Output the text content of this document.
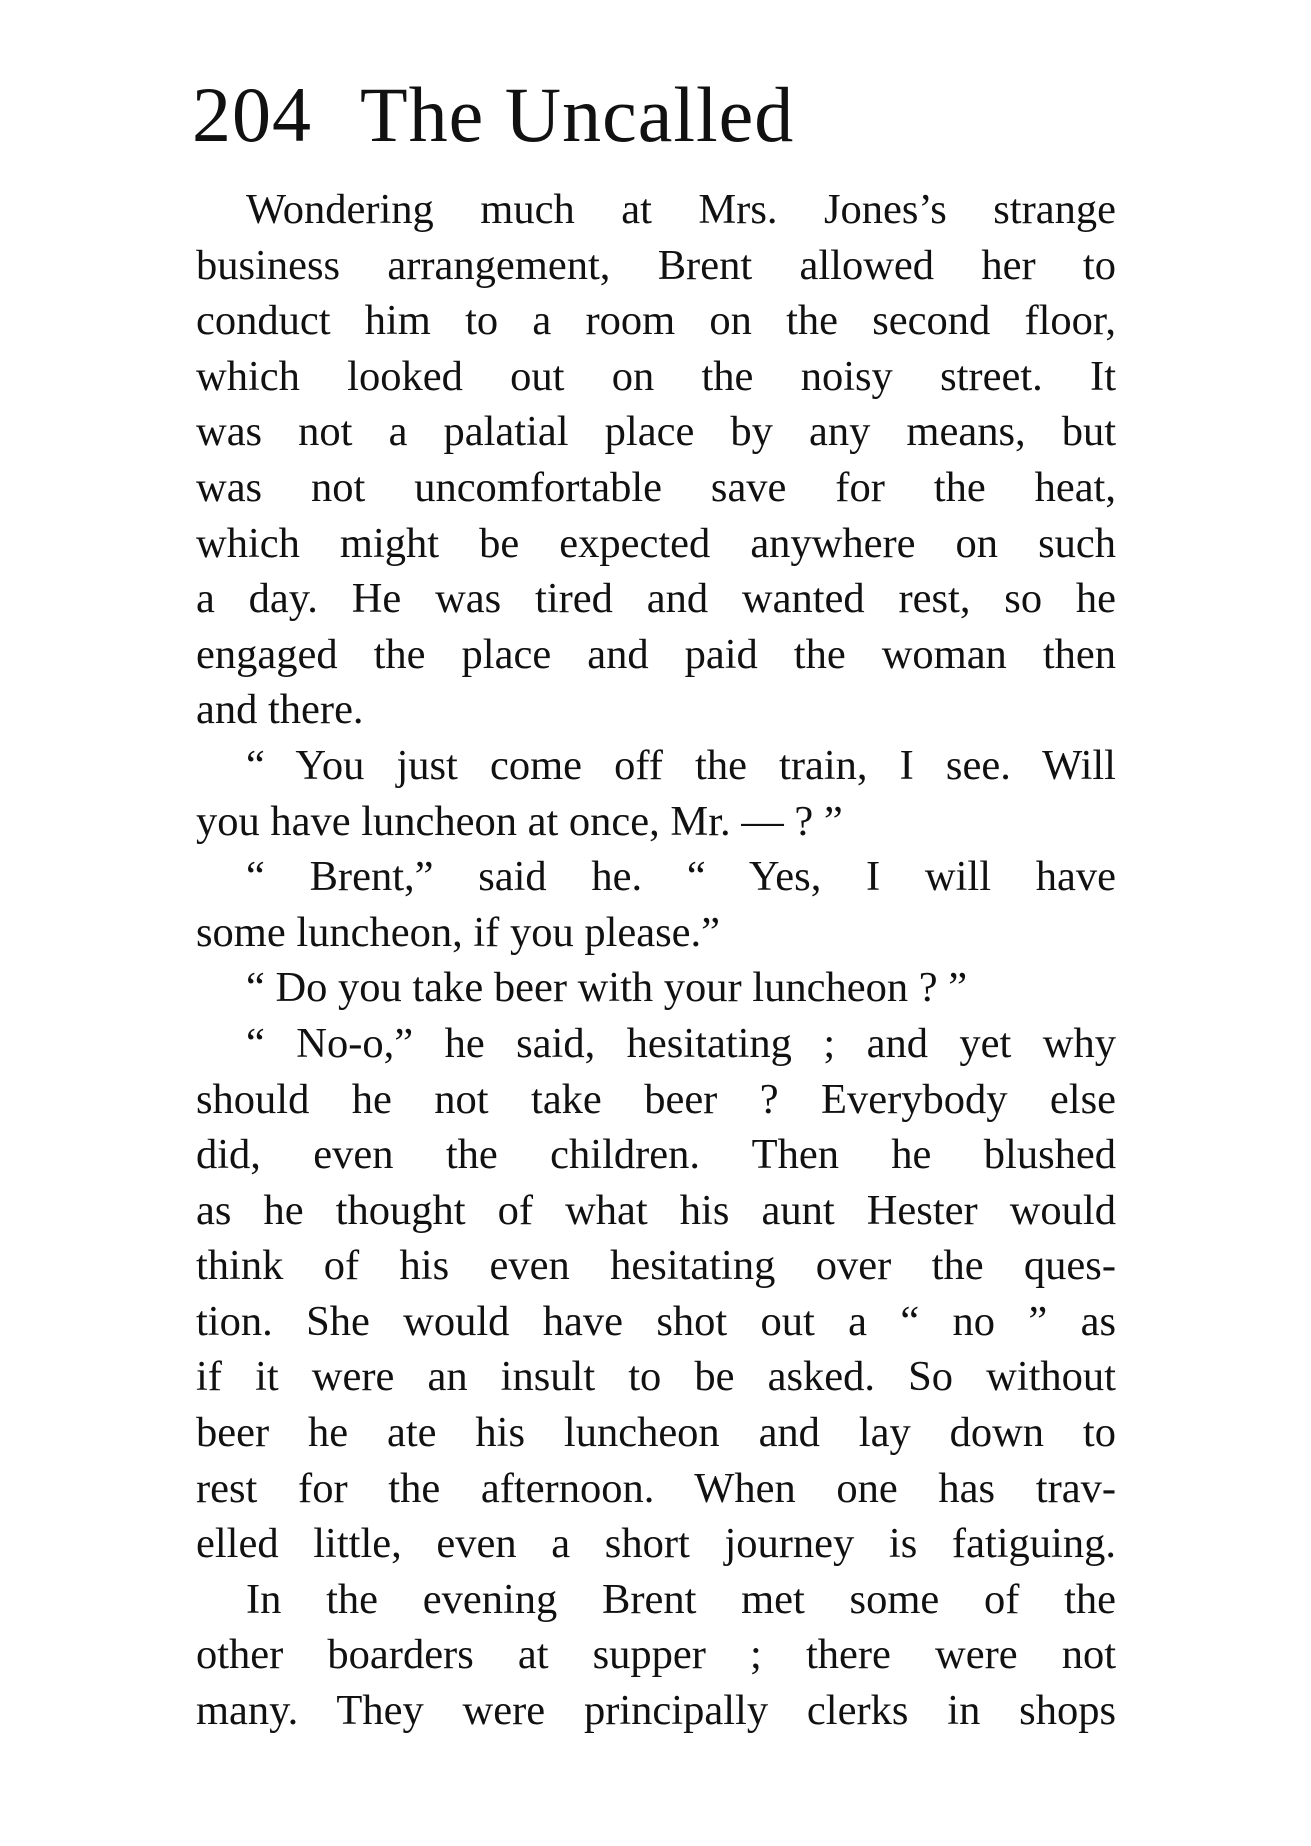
204 The Uncalled
Wondering much at Mrs. Jones’s strange
business arrangement, Brent allowed her to
conduct him to a room on the second floor,
which looked out on the noisy street. It
was not a palatial place by any means, but
was not uncomfortable save for the heat,
which might be expected anywhere on such
a day. He was tired and wanted rest, so he
engaged the place and paid the woman then
and there.
“ You just come off the train, I see. Will
you have luncheon at once, Mr. — ? ”
“ Brent,” said he. “ Yes, I will have
some luncheon, if you please.”
“ Do you take beer with your luncheon ? ”
“ No-o,” he said, hesitating ; and yet why
should he not take beer ? Everybody else
did, even the children. Then he blushed
as he thought of what his aunt Hester would
think of his even hesitating over the ques-
tion. She would have shot out a “ no ” as
if it were an insult to be asked. So without
beer he ate his luncheon and lay down to
rest for the afternoon. When one has trav-
elled little, even a short journey is fatiguing.
In the evening Brent met some of the
other boarders at supper ; there were not
many. They were principally clerks in shops
